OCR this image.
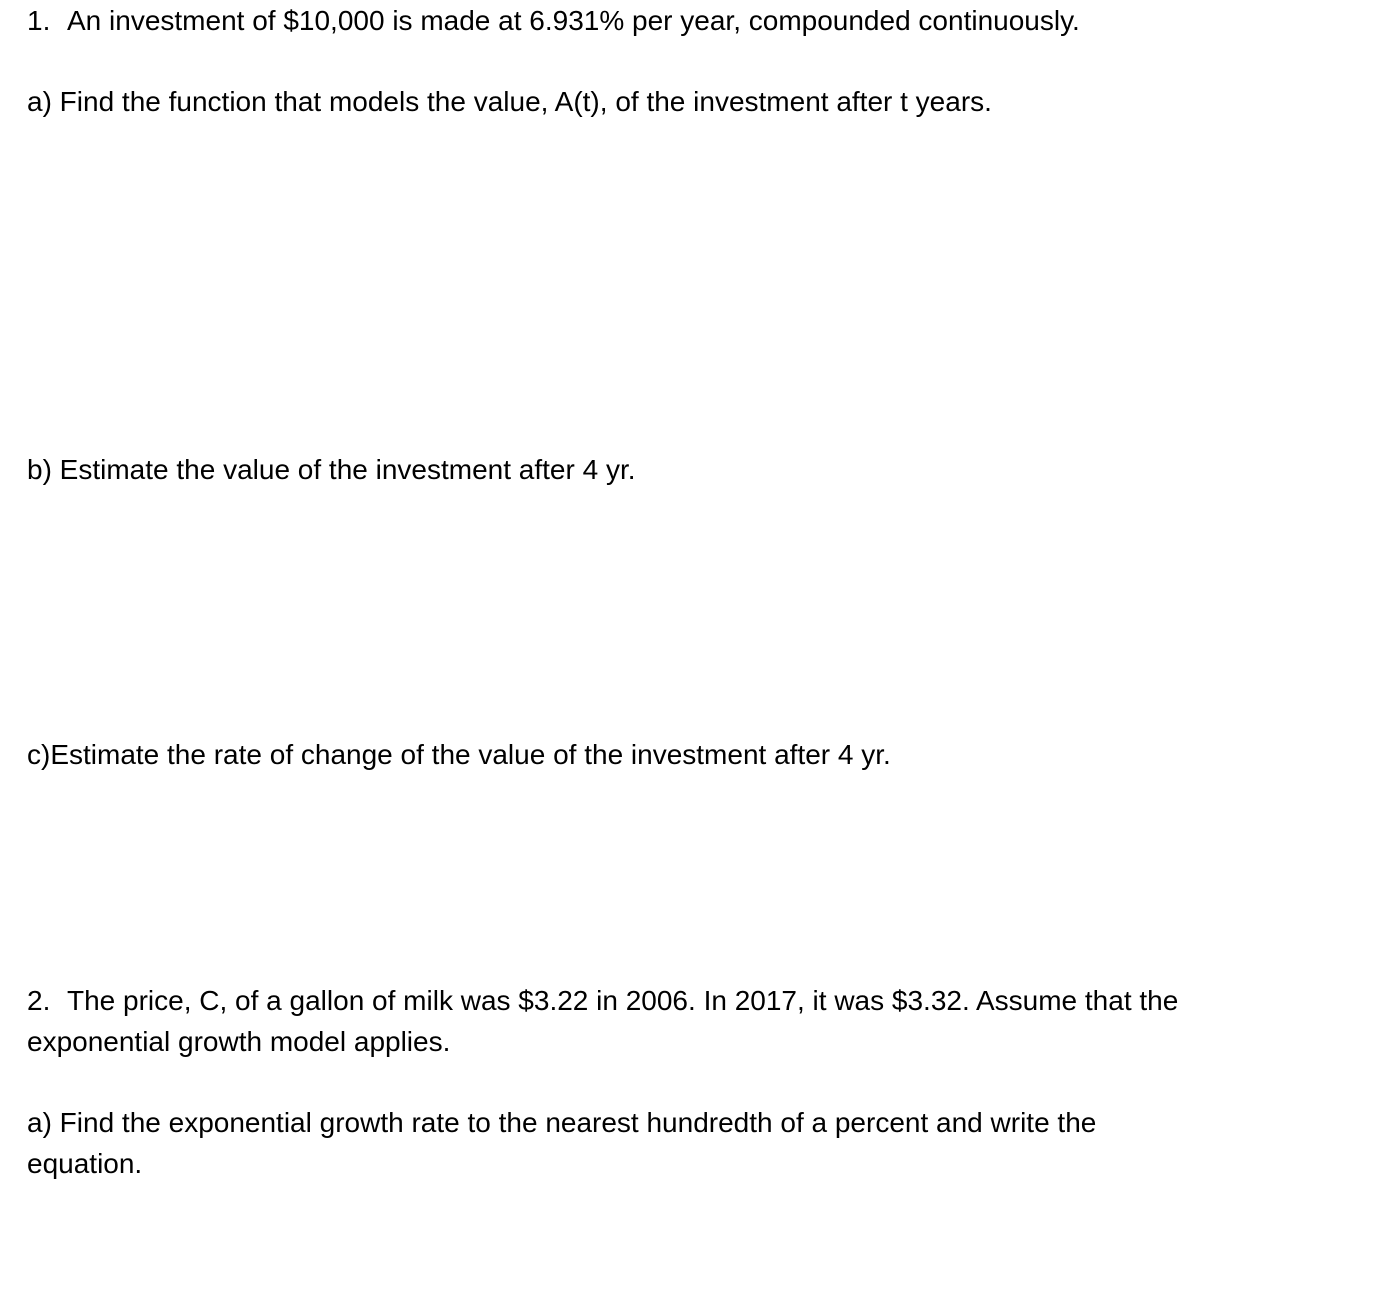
1. An investment of $10,000 is made at 6.931% per year, compounded continuously.
a) Find the function that models the value, A(t), of the investment after t years.
b) Estimate the value of the investment after 4 yr.
c)Estimate the rate of change of the value of the investment after 4 yr.
2. The price, C, of a gallon of milk was $3.22 in 2006. In 2017, it was $3.32. Assume that the
exponential growth model applies.
a) Find the exponential growth rate to the nearest hundredth of a percent and write the
equation.
